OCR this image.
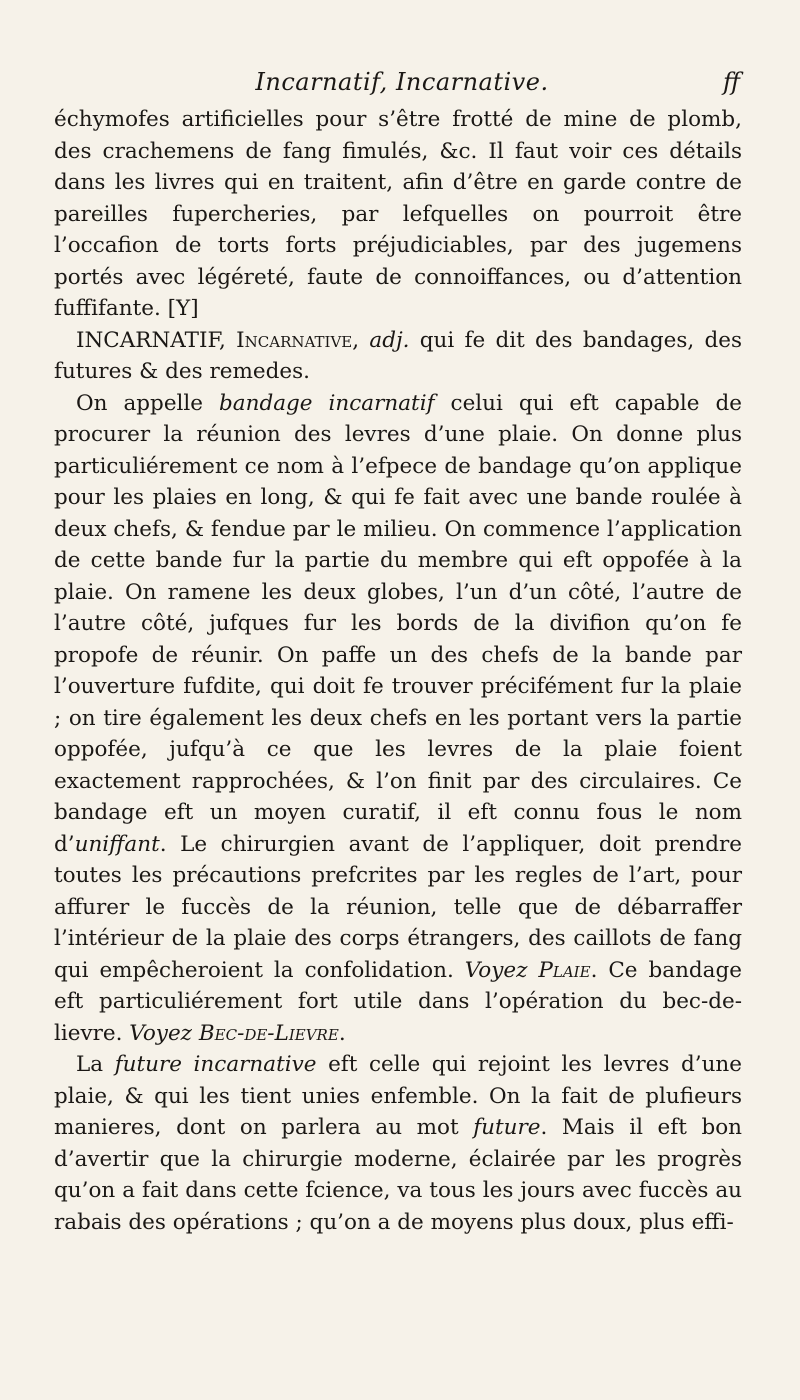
Incarnatif, Incarnative.	ff

échymofes artificielles pour s’être frotté de mine de plomb, des crachemens de fang fimulés, &c. Il faut voir ces détails dans les livres qui en traitent, afin d’être en garde contre de pareilles fupercheries, par lefquelles on pourroit être l’occafion de torts forts préjudiciables, par des jugemens portés avec légéreté, faute de connoiffances, ou d’attention fuffifante. [Y]

INCARNATIF, Incarnative, adj. qui fe dit des bandages, des futures & des remedes.

On appelle bandage incarnatif celui qui eft capable de procurer la réunion des levres d’une plaie. On donne plus particuliérement ce nom à l’efpece de bandage qu’on applique pour les plaies en long, & qui fe fait avec une bande roulée à deux chefs, & fendue par le milieu. On commence l’application de cette bande fur la partie du membre qui eft oppofée à la plaie. On ramene les deux globes, l’un d’un côté, l’autre de l’autre côté, jufques fur les bords de la divifion qu’on fe propofe de réunir. On paffe un des chefs de la bande par l’ouverture fufdite, qui doit fe trouver précifément fur la plaie ; on tire également les deux chefs en les portant vers la partie oppofée, jufqu’à ce que les levres de la plaie foient exactement rapprochées, & l’on finit par des circulaires. Ce bandage eft un moyen curatif, il eft connu fous le nom d’uniffant. Le chirurgien avant de l’appliquer, doit prendre toutes les précautions prefcrites par les regles de l’art, pour affurer le fuccès de la réunion, telle que de débarraffer l’intérieur de la plaie des corps étrangers, des caillots de fang qui empêcheroient la confolidation. Voyez Plaie. Ce bandage eft particuliérement fort utile dans l’opération du bec-de-lievre. Voyez Bec-de-Lievre.

La future incarnative eft celle qui rejoint les levres d’une plaie, & qui les tient unies enfemble. On la fait de plufieurs manieres, dont on parlera au mot future. Mais il eft bon d’avertir que la chirurgie moderne, éclairée par les progrès qu’on a fait dans cette fcience, va tous les jours avec fuccès au rabais des opérations ; qu’on a de moyens plus doux, plus effi-
